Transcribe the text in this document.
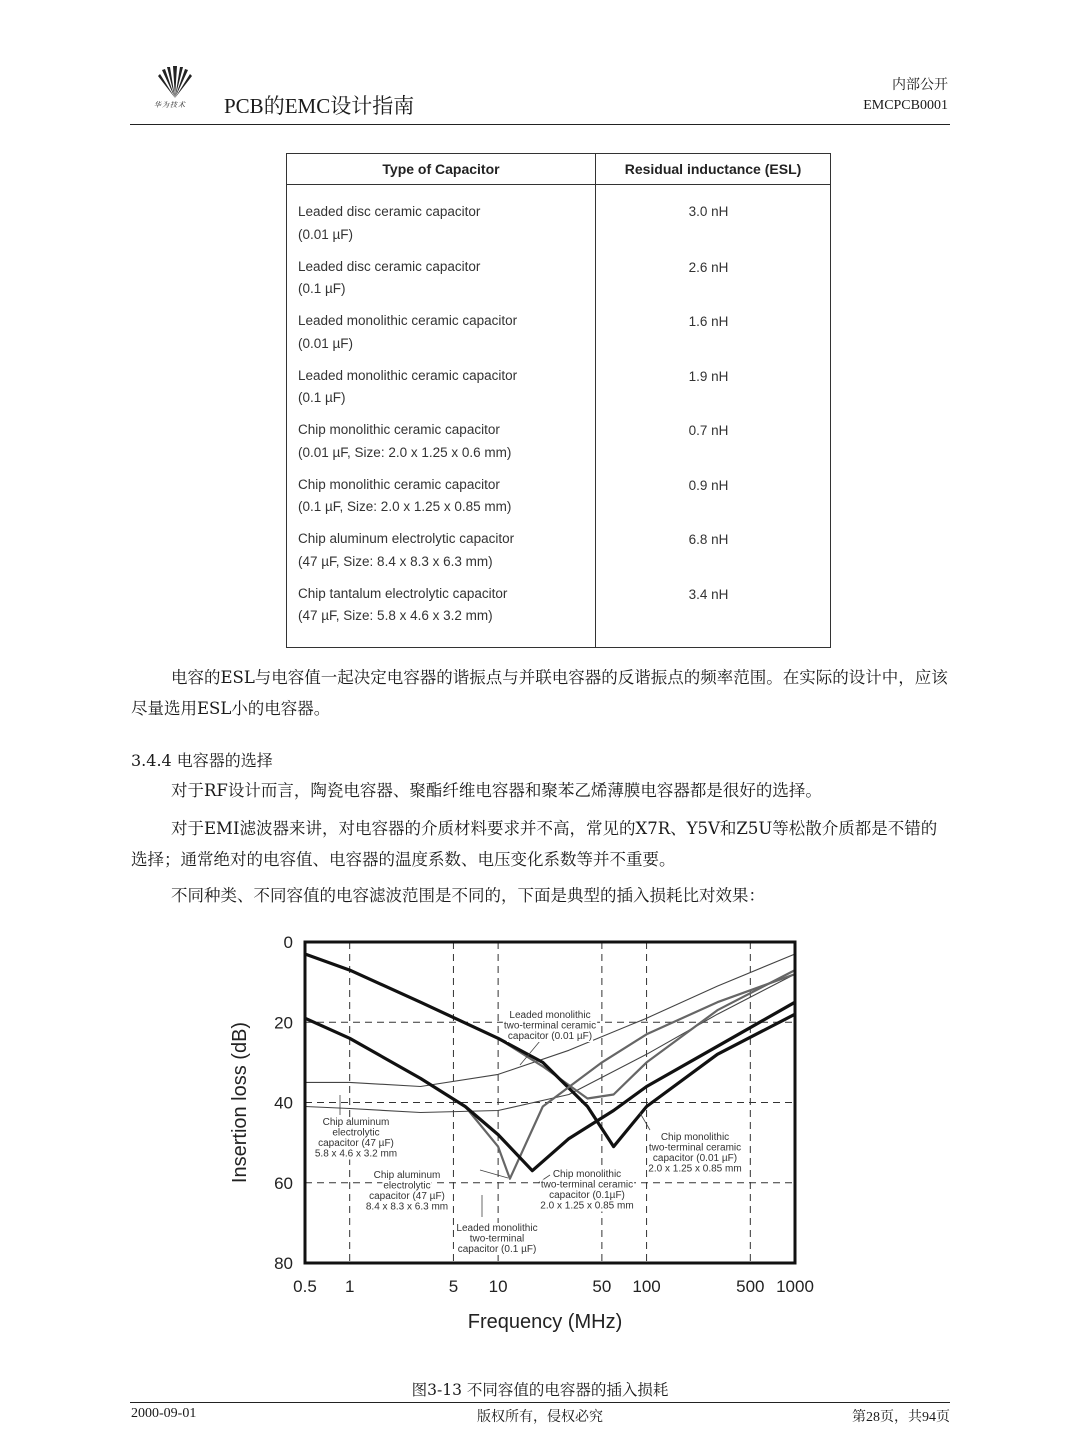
华为技术 PCB的EMC设计指南
内部公开
EMCPCB0001
Type of Capacitor	Residual inductance (ESL)
Leaded disc ceramic capacitor
(0.01 µF)	3.0 nH
Leaded disc ceramic capacitor
(0.1 µF)	2.6 nH
Leaded monolithic ceramic capacitor
(0.01 µF)	1.6 nH
Leaded monolithic ceramic capacitor
(0.1 µF)	1.9 nH
Chip monolithic ceramic capacitor
(0.01 µF, Size: 2.0 x 1.25 x 0.6 mm)	0.7 nH
Chip monolithic ceramic capacitor
(0.1 µF, Size: 2.0 x 1.25 x 0.85 mm)	0.9 nH
Chip aluminum electrolytic capacitor
(47 µF, Size: 8.4 x 8.3 x 6.3 mm)	6.8 nH
Chip tantalum electrolytic capacitor
(47 µF, Size: 5.8 x 4.6 x 3.2 mm)	3.4 nH
电容的ESL与电容值一起决定电容器的谐振点与并联电容器的反谐振点的频率范围。在实际的设计中，应该尽量选用ESL小的电容器。
3.4.4 电容器的选择
对于RF设计而言，陶瓷电容器、聚酯纤维电容器和聚苯乙烯薄膜电容器都是很好的选择。
对于EMI滤波器来讲，对电容器的介质材料要求并不高，常见的X7R、Y5V和Z5U等松散介质都是不错的选择；通常绝对的电容值、电容器的温度系数、电压变化系数等并不重要。
不同种类、不同容值的电容滤波范围是不同的，下面是典型的插入损耗比对效果：
0.5 1	5 10	50 100	500 1000
0
20
40
60
80
Frequency (MHz)
Insertion loss (dB)
Leaded monolithic
two-terminal ceramic
capacitor (0.01 µF)
Chip aluminum
electrolytic
capacitor (47 µF)
5.8 x 4.6 x 3.2 mm
Chip aluminum
electrolytic
capacitor (47 µF)
8.4 x 8.3 x 6.3 mm
Chip monolithic
two-terminal ceramic
capacitor (0.01 µF)
2.0 x 1.25 x 0.85 mm
Chip monolithic
two-terminal ceramic
capacitor (0.1µF)
2.0 x 1.25 x 0.85 mm
Leaded monolithic
two-terminal
capacitor (0.1 µF)
图3-13 不同容值的电容器的插入损耗
2000-09-01	版权所有，侵权必究	第28页，共94页
